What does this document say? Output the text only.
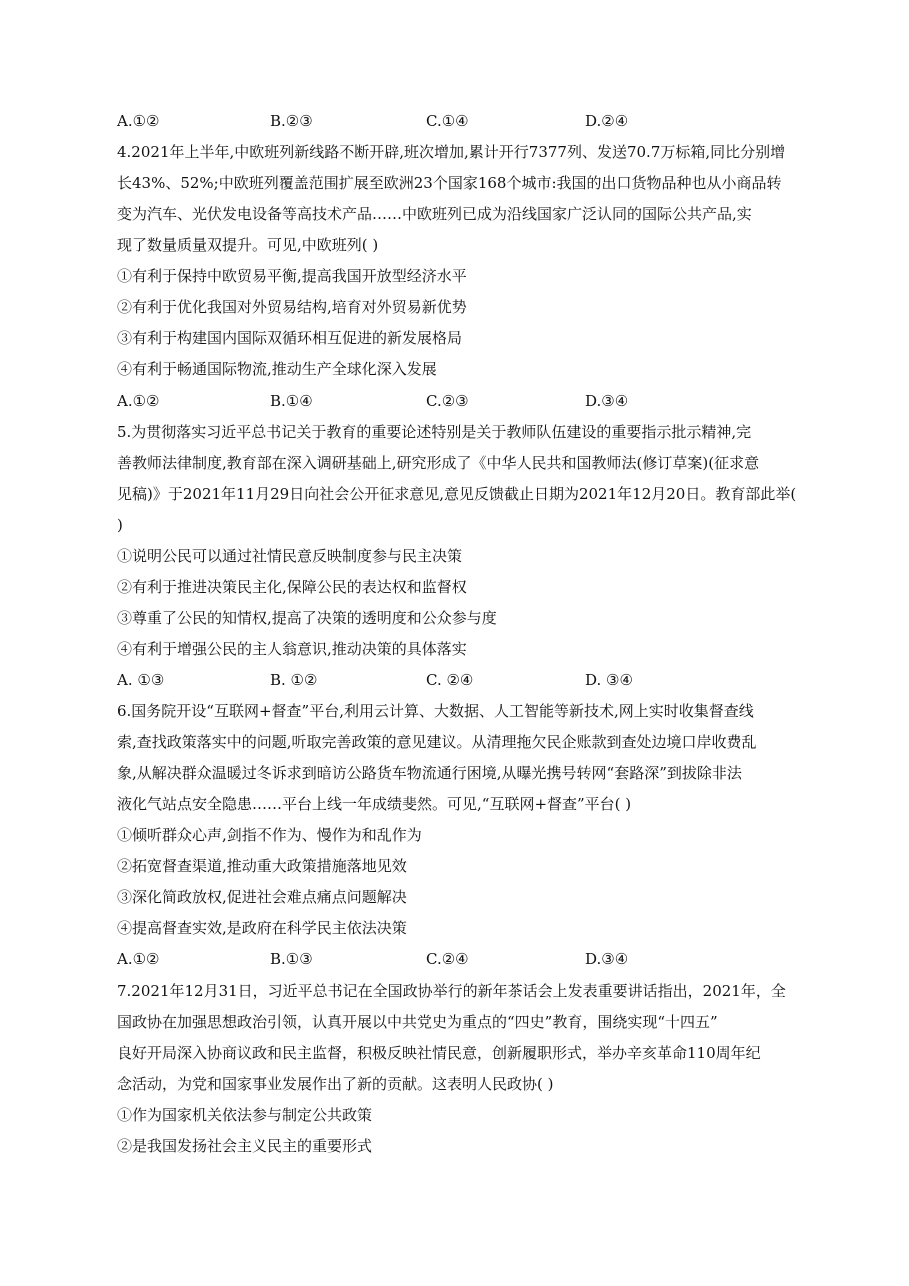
A.①②	B.②③	C.①④	D.②④
4.2021年上半年,中欧班列新线路不断开辟,班次增加,累计开行7377列、发送70.7万标箱,同比分别增
长43%、52%;中欧班列覆盖范围扩展至欧洲23个国家168个城市:我国的出口货物品种也从小商品转
变为汽车、光伏发电设备等高技术产品……中欧班列已成为沿线国家广泛认同的国际公共产品,实
现了数量质量双提升。可见,中欧班列( )
①有利于保持中欧贸易平衡,提高我国开放型经济水平
②有利于优化我国对外贸易结构,培育对外贸易新优势
③有利于构建国内国际双循环相互促进的新发展格局
④有利于畅通国际物流,推动生产全球化深入发展
A.①②	B.①④	C.②③	D.③④
5.为贯彻落实习近平总书记关于教育的重要论述特别是关于教师队伍建设的重要指示批示精神,完
善教师法律制度,教育部在深入调研基础上,研究形成了《中华人民共和国教师法(修订草案)(征求意
见稿)》于2021年11月29日向社会公开征求意见,意见反馈截止日期为2021年12月20日。教育部此举(
)
①说明公民可以通过社情民意反映制度参与民主决策
②有利于推进决策民主化,保障公民的表达权和监督权
③尊重了公民的知情权,提高了决策的透明度和公众参与度
④有利于增强公民的主人翁意识,推动决策的具体落实
A. ①③	B. ①②	C. ②④	D. ③④
6.国务院开设“互联网+督查”平台,利用云计算、大数据、人工智能等新技术,网上实时收集督查线
索,查找政策落实中的问题,听取完善政策的意见建议。从清理拖欠民企账款到查处边境口岸收费乱
象,从解决群众温暖过冬诉求到暗访公路货车物流通行困境,从曝光携号转网“套路深”到拔除非法
液化气站点安全隐患……平台上线一年成绩斐然。可见,“互联网+督查”平台( )
①倾听群众心声,剑指不作为、慢作为和乱作为
②拓宽督查渠道,推动重大政策措施落地见效
③深化简政放权,促进社会难点痛点问题解决
④提高督查实效,是政府在科学民主依法决策
A.①②	B.①③	C.②④	D.③④
7.2021年12月31日，习近平总书记在全国政协举行的新年茶话会上发表重要讲话指出，2021年，全
国政协在加强思想政治引领，认真开展以中共党史为重点的“四史”教育，围绕实现“十四五”
良好开局深入协商议政和民主监督，积极反映社情民意，创新履职形式，举办辛亥革命110周年纪
念活动，为党和国家事业发展作出了新的贡献。这表明人民政协( )
①作为国家机关依法参与制定公共政策
②是我国发扬社会主义民主的重要形式
